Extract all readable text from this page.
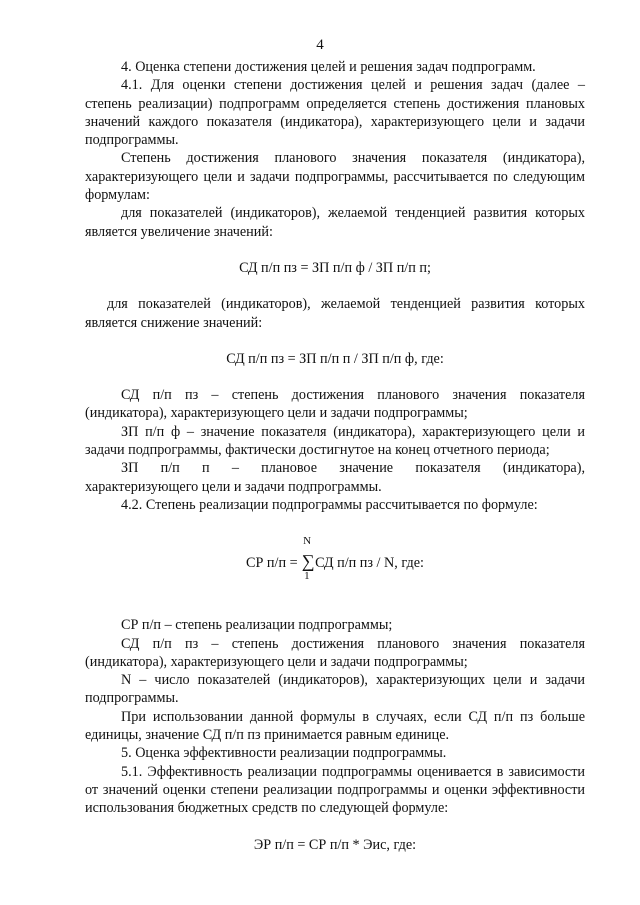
4

4. Оценка степени достижения целей и решения задач подпрограмм.

4.1. Для оценки степени достижения целей и решения задач (далее – степень реализации) подпрограмм определяется степень достижения плановых значений каждого показателя (индикатора), характеризующего цели и задачи подпрограммы.

Степень достижения планового значения показателя (индикатора), характеризующего цели и задачи подпрограммы, рассчитывается по следующим формулам:

для показателей (индикаторов), желаемой тенденцией развития которых является увеличение значений:

СД п/п пз = ЗП п/п ф / ЗП п/п п;

для показателей (индикаторов), желаемой тенденцией развития которых является снижение значений:

СД п/п пз = ЗП п/п п / ЗП п/п ф, где:

СД п/п пз – степень достижения планового значения показателя (индикатора), характеризующего цели и задачи подпрограммы;

ЗП п/п ф – значение показателя (индикатора), характеризующего цели и задачи подпрограммы, фактически достигнутое на конец отчетного периода;

ЗП п/п п – плановое значение показателя (индикатора),

характеризующего цели и задачи подпрограммы.

4.2. Степень реализации подпрограммы рассчитывается по формуле:

СР п/п =
N
∑
1
СД п/п пз / N, где:

СР п/п – степень реализации подпрограммы;

СД п/п пз – степень достижения планового значения показателя (индикатора), характеризующего цели и задачи подпрограммы;

N – число показателей (индикаторов), характеризующих цели и задачи подпрограммы.

При использовании данной формулы в случаях, если СД п/п пз больше единицы, значение СД п/п пз принимается равным единице.

5. Оценка эффективности реализации подпрограммы.

5.1. Эффективность реализации подпрограммы оценивается в зависимости от значений оценки степени реализации подпрограммы и оценки эффективности использования бюджетных средств по следующей формуле:

ЭР п/п = СР п/п * Эис, где:
